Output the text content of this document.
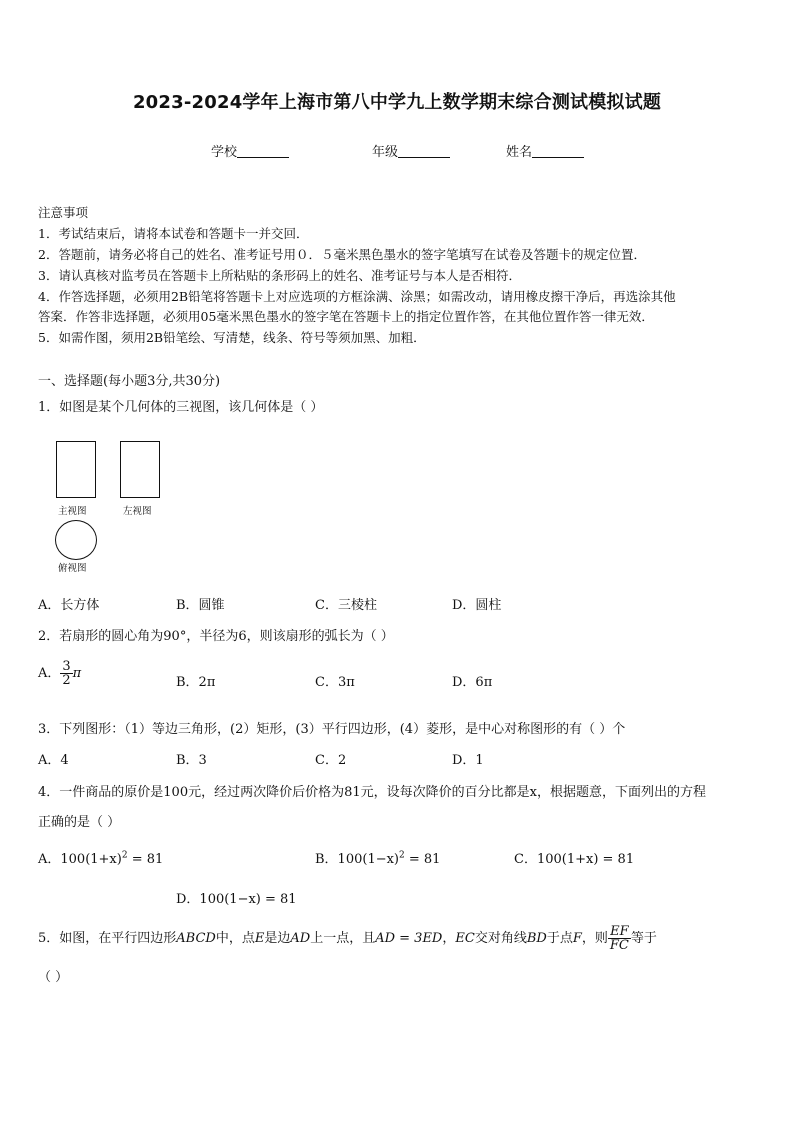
2023-2024学年上海市第八中学九上数学期末综合测试模拟试题
学校	年级	姓名
注意事项
1．考试结束后，请将本试卷和答题卡一并交回．
2．答题前，请务必将自己的姓名、准考证号用０．５毫米黑色墨水的签字笔填写在试卷及答题卡的规定位置．
3．请认真核对监考员在答题卡上所粘贴的条形码上的姓名、准考证号与本人是否相符．
4．作答选择题，必须用2B铅笔将答题卡上对应选项的方框涂满、涂黑；如需改动，请用橡皮擦干净后，再选涂其他
答案．作答非选择题，必须用05毫米黑色墨水的签字笔在答题卡上的指定位置作答，在其他位置作答一律无效．
5．如需作图，须用2B铅笔绘、写清楚，线条、符号等须加黑、加粗．
一、选择题(每小题3分,共30分)
1．如图是某个几何体的三视图，该几何体是（ ）
主视图	左视图
俯视图
A．长方体	B．圆锥	C．三棱柱	D．圆柱
2．若扇形的圆心角为90°，半径为6，则该扇形的弧长为（ ）
A． $\frac{3}{2}$ π
B．2π	C．3π	D．6π
3．下列图形：（1）等边三角形，(2）矩形，(3）平行四边形，(4）菱形，是中心对称图形的有（ ）个
A．4	B．3	C．2	D．1
4．一件商品的原价是100元，经过两次降价后价格为81元，设每次降价的百分比都是x，根据题意，下面列出的方程
正确的是（ ）
A．$100(1+x)^2 = 81$	B．$100(1-x)^2 = 81$	C．100(1+x) = 81
D．100(1−x) = 81
5．如图，在平行四边形ABCD中，点E是边AD上一点，且AD = 3ED，EC交对角线BD于点F，则 $\frac{EF}{FC}$ 等于
（ ）
